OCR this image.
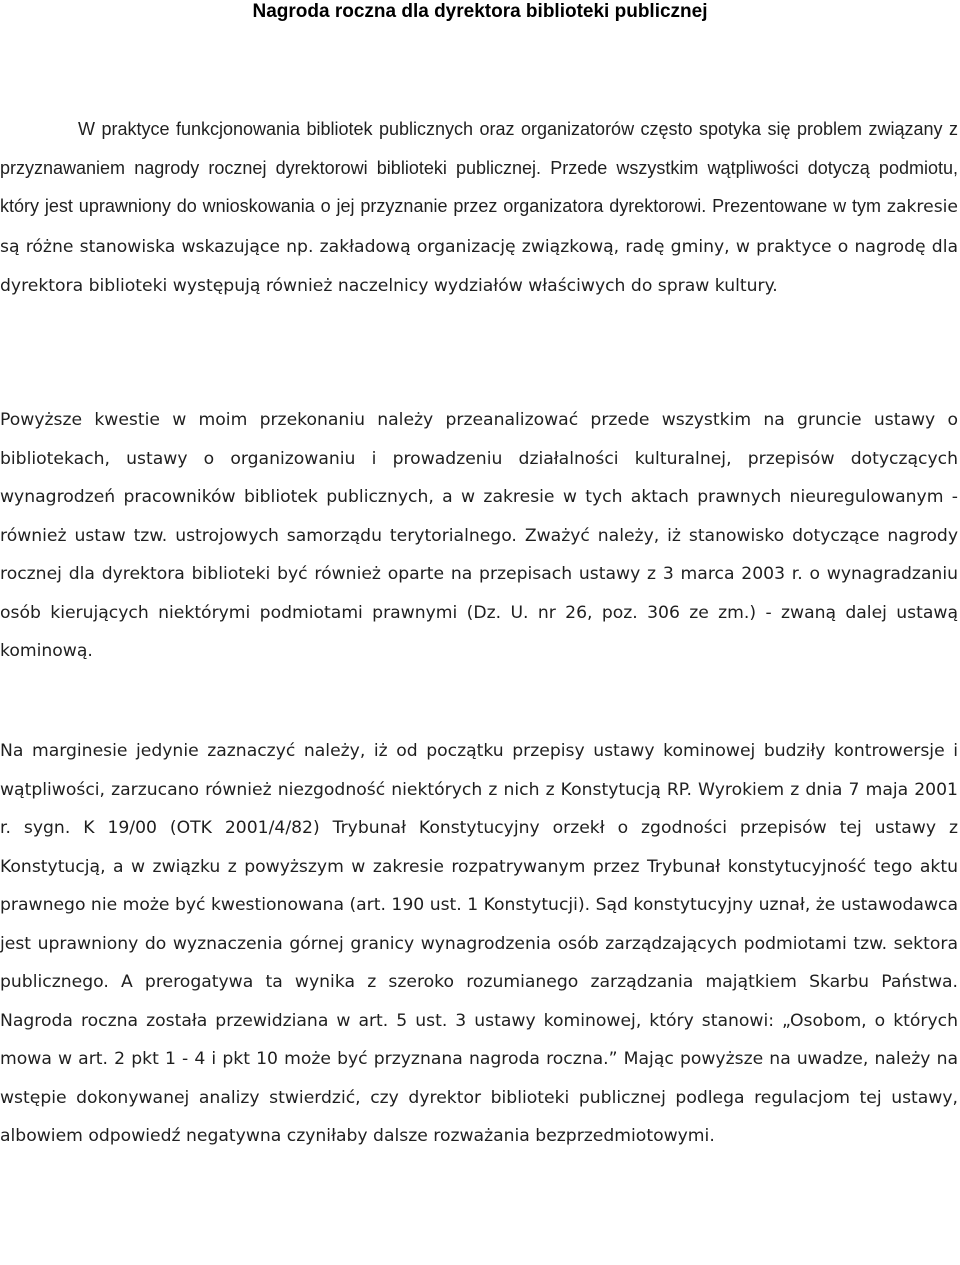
Nagroda roczna dla dyrektora biblioteki publicznej

W praktyce funkcjonowania bibliotek publicznych oraz organizatorów często spotyka się problem związany z przyznawaniem nagrody rocznej dyrektorowi biblioteki publicznej. Przede wszystkim wątpliwości dotyczą podmiotu, który jest uprawniony do wnioskowania o jej przyznanie przez organizatora dyrektorowi. Prezentowane w tym zakresie są różne stanowiska wskazujące np. zakładową organizację związkową, radę gminy, w praktyce o nagrodę dla dyrektora biblioteki występują również naczelnicy wydziałów właściwych do spraw kultury.

Powyższe kwestie w moim przekonaniu należy przeanalizować przede wszystkim na gruncie ustawy o bibliotekach, ustawy o organizowaniu i prowadzeniu działalności kulturalnej, przepisów dotyczących wynagrodzeń pracowników bibliotek publicznych, a w zakresie w tych aktach prawnych nieuregulowanym - również ustaw tzw. ustrojowych samorządu terytorialnego. Zważyć należy, iż stanowisko dotyczące nagrody rocznej dla dyrektora biblioteki być również oparte na przepisach ustawy z 3 marca 2003 r. o wynagradzaniu osób kierujących niektórymi podmiotami prawnymi (Dz. U. nr 26, poz. 306 ze zm.) - zwaną dalej ustawą kominową.

Na marginesie jedynie zaznaczyć należy, iż od początku przepisy ustawy kominowej budziły kontrowersje i wątpliwości, zarzucano również niezgodność niektórych z nich z Konstytucją RP. Wyrokiem z dnia 7 maja 2001 r. sygn. K 19/00 (OTK 2001/4/82) Trybunał Konstytucyjny orzekł o zgodności przepisów tej ustawy z Konstytucją, a w związku z powyższym w zakresie rozpatrywanym przez Trybunał konstytucyjność tego aktu prawnego nie może być kwestionowana (art. 190 ust. 1 Konstytucji). Sąd konstytucyjny uznał, że ustawodawca jest uprawniony do wyznaczenia górnej granicy wynagrodzenia osób zarządzających podmiotami tzw. sektora publicznego. A prerogatywa ta wynika z szeroko rozumianego zarządzania majątkiem Skarbu Państwa. Nagroda roczna została przewidziana w art. 5 ust. 3 ustawy kominowej, który stanowi: „Osobom, o których mowa w art. 2 pkt 1 - 4 i pkt 10 może być przyznana nagroda roczna.” Mając powyższe na uwadze, należy na wstępie dokonywanej analizy stwierdzić, czy dyrektor biblioteki publicznej podlega regulacjom tej ustawy, albowiem odpowiedź negatywna czyniłaby dalsze rozważania bezprzedmiotowymi.
